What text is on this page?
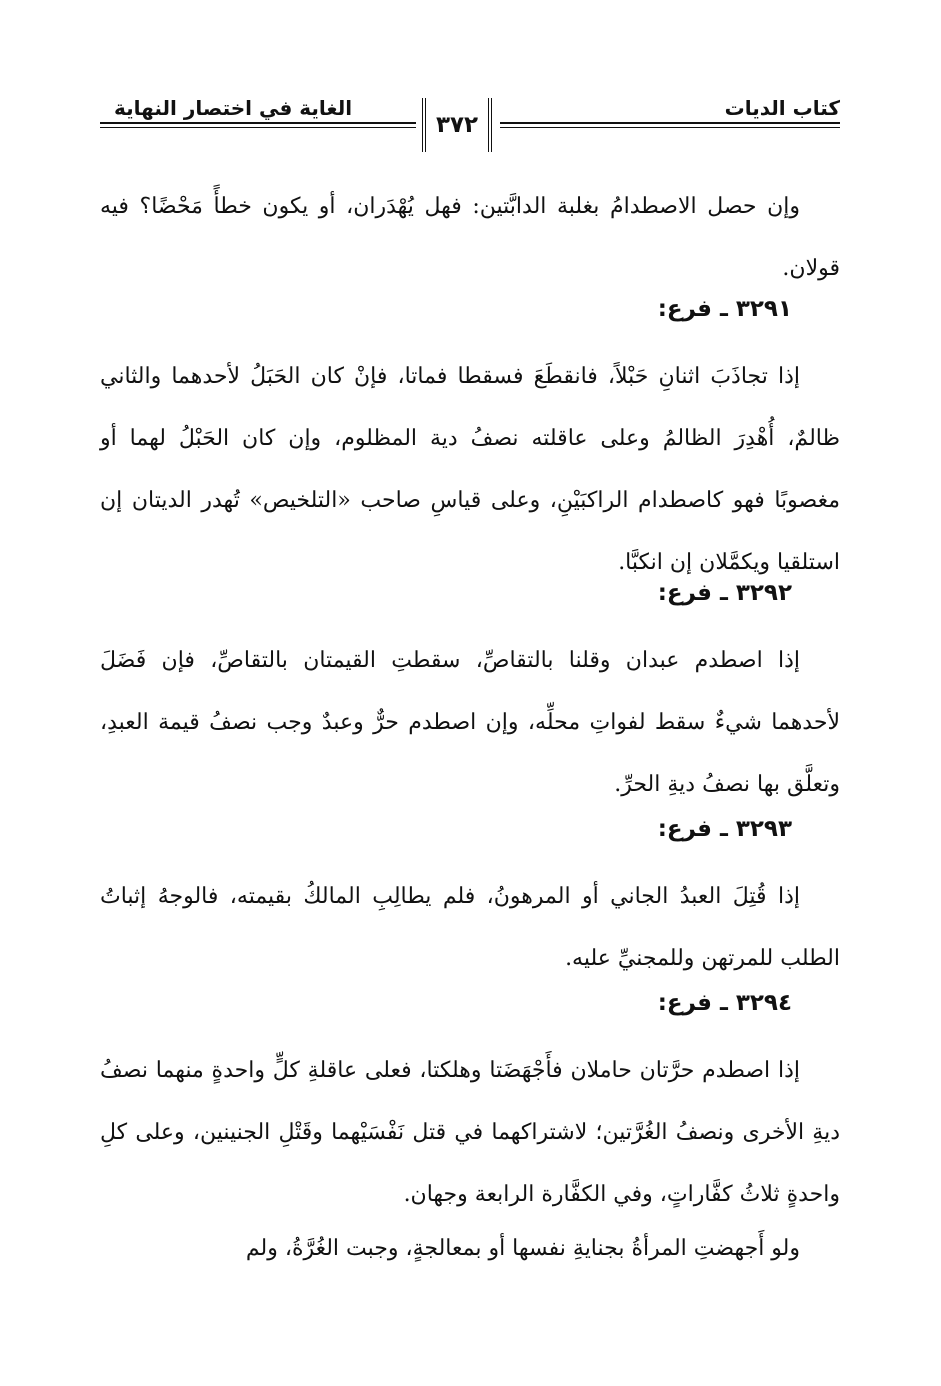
الغاية في اختصار النهاية	كتاب الديات
٣٧٢
وإن حصل الاصطدامُ بغلبة الدابَّتين: فهل يُهْدَران، أو يكون خطأً مَحْضًا؟ فيه قولان.
٣٢٩١ ـ فرع:
إذا تجاذَبَ اثنانِ حَبْلاً، فانقطَعَ فسقطا فماتا، فإنْ كان الحَبَلُ لأحدهما والثاني ظالمٌ، أُهْدِرَ الظالمُ وعلى عاقلته نصفُ دية المظلوم، وإن كان الحَبْلُ لهما أو مغصوبًا فهو كاصطدام الراكبَيْنِ، وعلى قياسِ صاحب «التلخيص» تُهدر الديتان إن استلقيا ويكمَّلان إن انكبَّا.
٣٢٩٢ ـ فرع:
إذا اصطدم عبدان وقلنا بالتقاصِّ، سقطتِ القيمتان بالتقاصِّ، فإن فَضَلَ لأحدهما شيءٌ سقط لفواتِ محلِّه، وإن اصطدم حرٌّ وعبدٌ وجب نصفُ قيمة العبدِ، وتعلَّق بها نصفُ ديةِ الحرِّ.
٣٢٩٣ ـ فرع:
إذا قُتِلَ العبدُ الجاني أو المرهونُ، فلم يطالِبِ المالكُ بقيمته، فالوجهُ إثباتُ الطلب للمرتهن وللمجنيِّ عليه.
٣٢٩٤ ـ فرع:
إذا اصطدم حرَّتان حاملان فأَجْهَضَتا وهلكتا، فعلى عاقلةِ كلٍّ واحدةٍ منهما نصفُ ديةِ الأخرى ونصفُ الغُرَّتين؛ لاشتراكهما في قتل نَفْسَيْهما وقَتْلِ الجنينين، وعلى كلِ واحدةٍ ثلاثُ كفَّاراتٍ، وفي الكفَّارة الرابعة وجهان.
ولو أَجهضتِ المرأةُ بجنايةِ نفسها أو بمعالجةٍ، وجبت الغُرَّةُ، ولم
